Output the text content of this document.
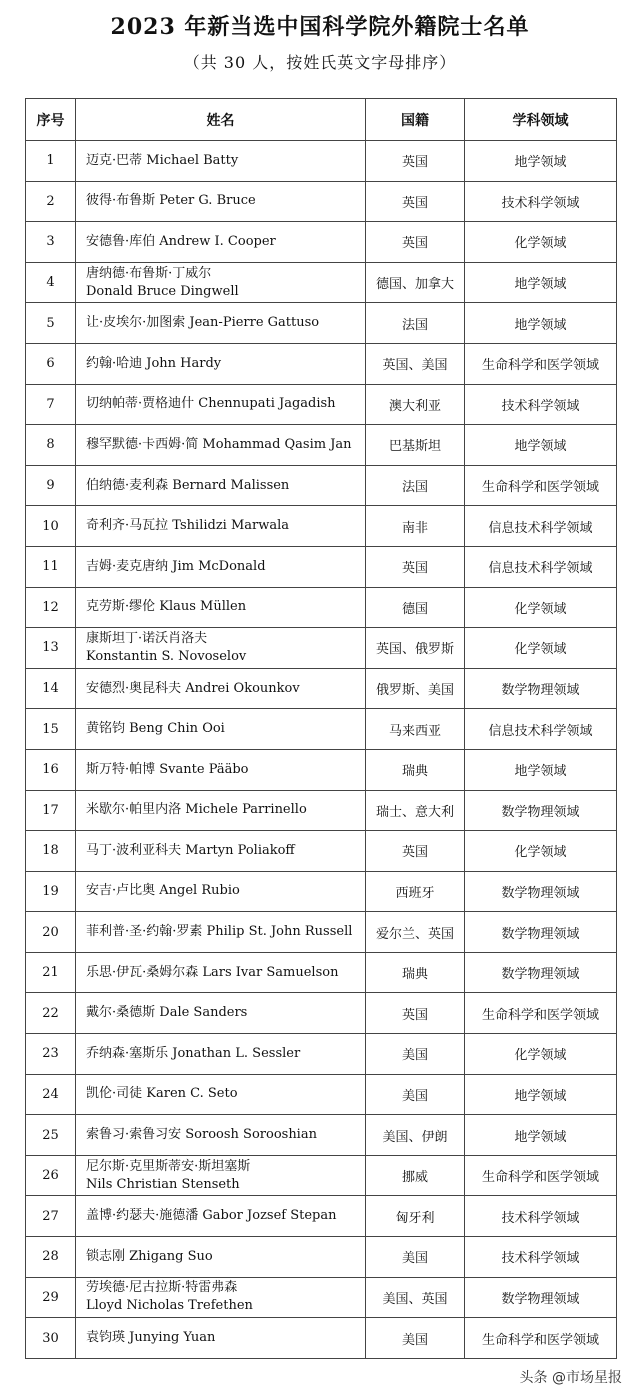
2023 年新当选中国科学院外籍院士名单
（共 30 人，按姓氏英文字母排序）
序号	姓名	国籍	学科领域
1	迈克·巴蒂 Michael Batty	英国	地学领域
2	彼得·布鲁斯 Peter G. Bruce	英国	技术科学领域
3	安德鲁·库伯 Andrew I. Cooper	英国	化学领域
4	唐纳德·布鲁斯·丁威尔
Donald Bruce Dingwell	德国、加拿大	地学领域
5	让·皮埃尔·加图索 Jean-Pierre Gattuso	法国	地学领域
6	约翰·哈迪 John Hardy	英国、美国	生命科学和医学领域
7	切纳帕蒂·贾格迪什 Chennupati Jagadish	澳大利亚	技术科学领域
8	穆罕默德·卡西姆·简 Mohammad Qasim Jan	巴基斯坦	地学领域
9	伯纳德·麦利森 Bernard Malissen	法国	生命科学和医学领域
10	奇利齐·马瓦拉 Tshilidzi Marwala	南非	信息技术科学领域
11	吉姆·麦克唐纳 Jim McDonald	英国	信息技术科学领域
12	克劳斯·缪伦 Klaus Müllen	德国	化学领域
13	康斯坦丁·诺沃肖洛夫
Konstantin S. Novoselov	英国、俄罗斯	化学领域
14	安德烈·奥昆科夫 Andrei Okounkov	俄罗斯、美国	数学物理领域
15	黄铭钧 Beng Chin Ooi	马来西亚	信息技术科学领域
16	斯万特·帕博 Svante Pääbo	瑞典	地学领域
17	米歇尔·帕里内洛 Michele Parrinello	瑞士、意大利	数学物理领域
18	马丁·波利亚科夫 Martyn Poliakoff	英国	化学领域
19	安吉·卢比奥 Angel Rubio	西班牙	数学物理领域
20	菲利普·圣·约翰·罗素 Philip St. John Russell	爱尔兰、英国	数学物理领域
21	乐思·伊瓦·桑姆尔森 Lars Ivar Samuelson	瑞典	数学物理领域
22	戴尔·桑德斯 Dale Sanders	英国	生命科学和医学领域
23	乔纳森·塞斯乐 Jonathan L. Sessler	美国	化学领域
24	凯伦·司徒 Karen C. Seto	美国	地学领域
25	索鲁习·索鲁习安 Soroosh Sorooshian	美国、伊朗	地学领域
26	尼尔斯·克里斯蒂安·斯坦塞斯
Nils Christian Stenseth	挪威	生命科学和医学领域
27	盖博·约瑟夫·施德潘 Gabor Jozsef Stepan	匈牙利	技术科学领域
28	锁志刚 Zhigang Suo	美国	技术科学领域
29	劳埃德·尼古拉斯·特雷弗森
Lloyd Nicholas Trefethen	美国、英国	数学物理领域
30	袁钧瑛 Junying Yuan	美国	生命科学和医学领域
头条 @市场星报
